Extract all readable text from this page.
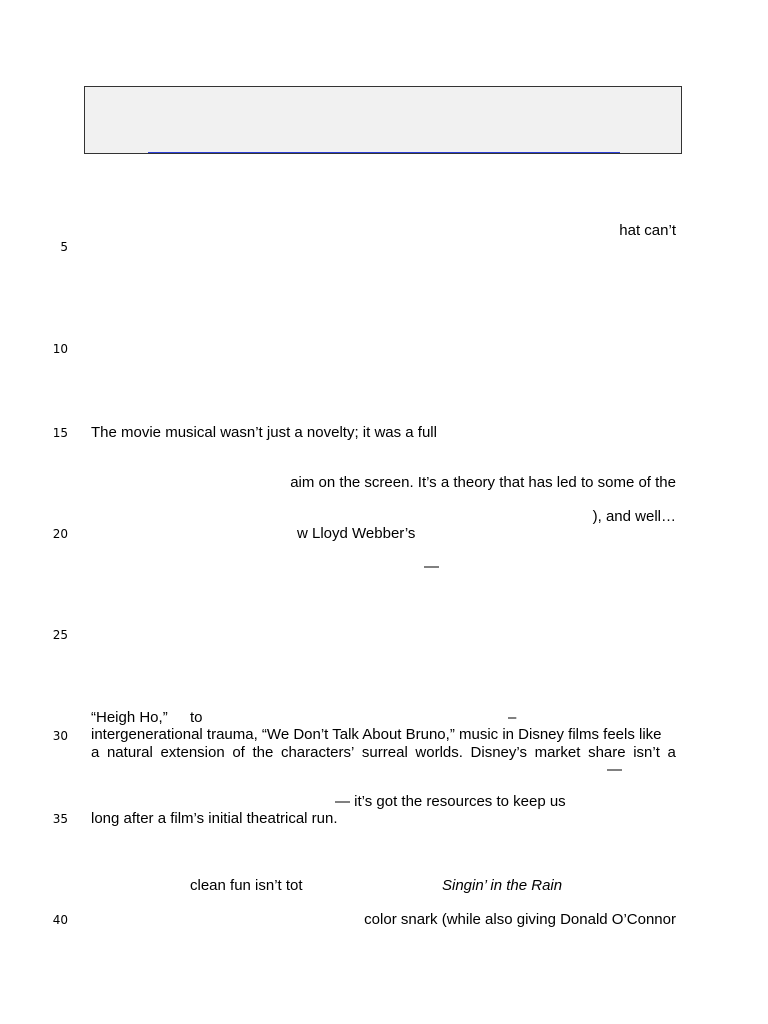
5
10
15
20
25
30
35
40
hat can’t
The movie musical wasn’t just a novelty; it was a full
aim on the screen. It’s a theory that has led to some of the
), and well…
w Lloyd Webber’s
—
“Heigh Ho,” to	–
intergenerational trauma, “We Don’t Talk About Bruno,” music in Disney films feels like
a natural extension of the characters’ surreal worlds. Disney’s market share isn’t a
—
— it’s got the resources to keep us
long after a film’s initial theatrical run.
clean fun isn’t tot	Singin’ in the Rain
color snark (while also giving Donald O’Connor
